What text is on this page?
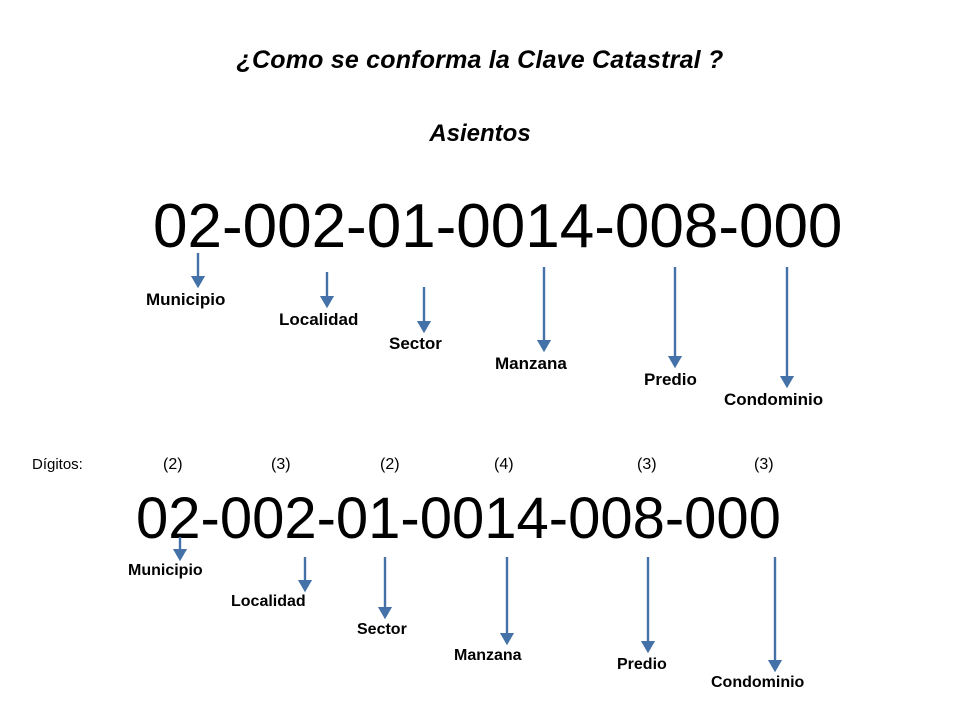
¿Como se conforma la Clave Catastral ?
Asientos
02-002-01-0014-008-000
Municipio
Localidad
Sector
Manzana
Predio
Condominio
Dígitos:	(2)	(3)	(2)	(4)	(3)	(3)
02-002-01-0014-008-000
Municipio
Localidad
Sector
Manzana
Predio
Condominio
